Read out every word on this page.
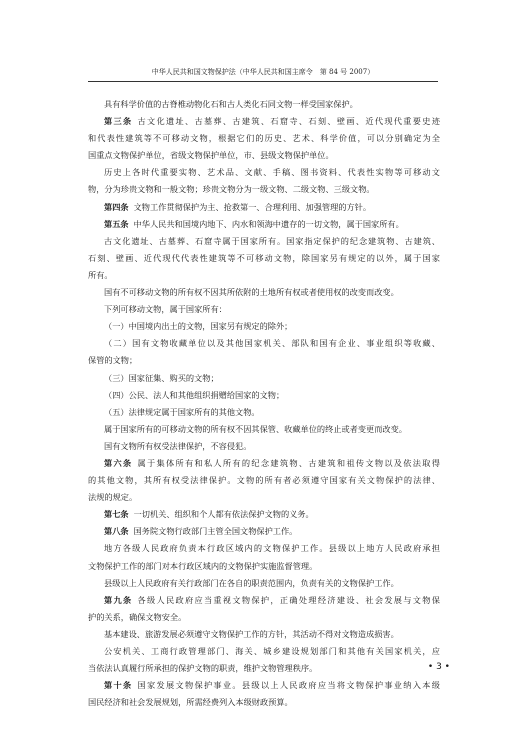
中华人民共和国文物保护法（中华人民共和国主席令　第 84 号 2007）
具有科学价值的古脊椎动物化石和古人类化石同文物一样受国家保护。
第三条 古文化遗址、古墓葬、古建筑、石窟寺、石刻、壁画、近代现代重要史迹
和代表性建筑等不可移动文物，根据它们的历史、艺术、科学价值，可以分别确定为全
国重点文物保护单位，省级文物保护单位，市、县级文物保护单位。
历史上各时代重要实物、艺术品、文献、手稿、图书资料、代表性实物等可移动文
物，分为珍贵文物和一般文物；珍贵文物分为一级文物、二级文物、三级文物。
第四条 文物工作贯彻保护为主、抢救第一、合理利用、加强管理的方针。
第五条 中华人民共和国境内地下、内水和领海中遗存的一切文物，属于国家所有。
古文化遗址、古墓葬、石窟寺属于国家所有。国家指定保护的纪念建筑物、古建筑、
石刻、壁画、近代现代代表性建筑等不可移动文物，除国家另有规定的以外，属于国家
所有。
国有不可移动文物的所有权不因其所依附的土地所有权或者使用权的改变而改变。
下列可移动文物，属于国家所有：
（一）中国境内出土的文物，国家另有规定的除外；
（二）国有文物收藏单位以及其他国家机关、部队和国有企业、事业组织等收藏、
保管的文物；
（三）国家征集、购买的文物；
（四）公民、法人和其他组织捐赠给国家的文物；
（五）法律规定属于国家所有的其他文物。
属于国家所有的可移动文物的所有权不因其保管、收藏单位的终止或者变更而改变。
国有文物所有权受法律保护，不容侵犯。
第六条 属于集体所有和私人所有的纪念建筑物、古建筑和祖传文物以及依法取得
的其他文物，其所有权受法律保护。文物的所有者必须遵守国家有关文物保护的法律、
法规的规定。
第七条 一切机关、组织和个人都有依法保护文物的义务。
第八条 国务院文物行政部门主管全国文物保护工作。
地方各级人民政府负责本行政区域内的文物保护工作。县级以上地方人民政府承担
文物保护工作的部门对本行政区域内的文物保护实施监督管理。
县级以上人民政府有关行政部门在各自的职责范围内，负责有关的文物保护工作。
第九条 各级人民政府应当重视文物保护，正确处理经济建设、社会发展与文物保
护的关系，确保文物安全。
基本建设、旅游发展必须遵守文物保护工作的方针，其活动不得对文物造成损害。
公安机关、工商行政管理部门、海关、城乡建设规划部门和其他有关国家机关，应
当依法认真履行所承担的保护文物的职责，维护文物管理秩序。
第十条 国家发展文物保护事业。县级以上人民政府应当将文物保护事业纳入本级
国民经济和社会发展规划，所需经费列入本级财政预算。
• 3 •
